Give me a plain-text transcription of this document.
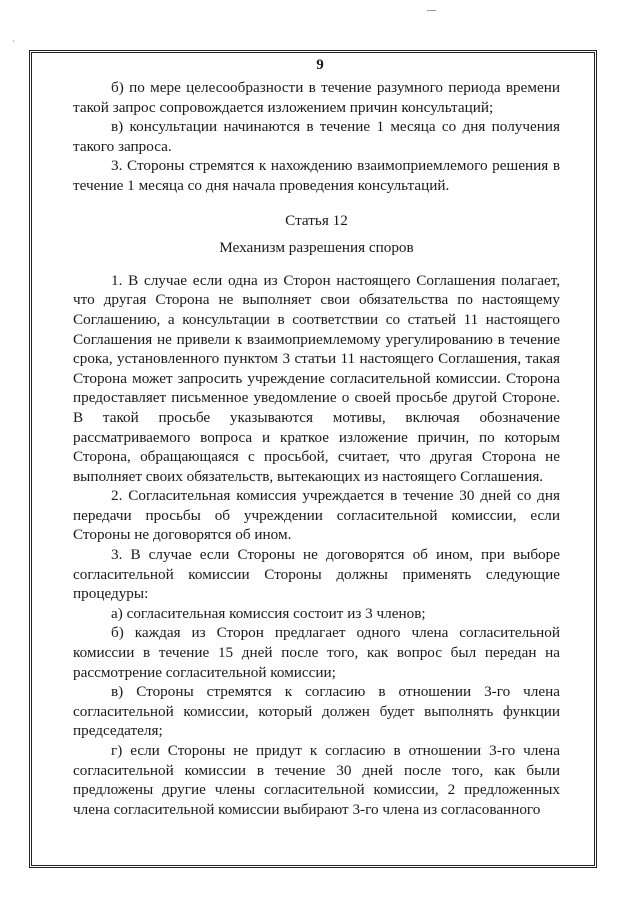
9

б) по мере целесообразности в течение разумного периода времени такой запрос сопровождается изложением причин консультаций;

в) консультации начинаются в течение 1 месяца со дня получения такого запроса.

3. Стороны стремятся к нахождению взаимоприемлемого решения в течение 1 месяца со дня начала проведения консультаций.

Статья 12

Механизм разрешения споров

1. В случае если одна из Сторон настоящего Соглашения полагает, что другая Сторона не выполняет свои обязательства по настоящему Соглашению, а консультации в соответствии со статьей 11 настоящего Соглашения не привели к взаимоприемлемому урегулированию в течение срока, установленного пунктом 3 статьи 11 настоящего Соглашения, такая Сторона может запросить учреждение согласительной комиссии. Сторона предоставляет письменное уведомление о своей просьбе другой Стороне. В такой просьбе указываются мотивы, включая обозначение рассматриваемого вопроса и краткое изложение причин, по которым Сторона, обращающаяся с просьбой, считает, что другая Сторона не выполняет своих обязательств, вытекающих из настоящего Соглашения.

2. Согласительная комиссия учреждается в течение 30 дней со дня передачи просьбы об учреждении согласительной комиссии, если Стороны не договорятся об ином.

3. В случае если Стороны не договорятся об ином, при выборе согласительной комиссии Стороны должны применять следующие процедуры:

а) согласительная комиссия состоит из 3 членов;

б) каждая из Сторон предлагает одного члена согласительной комиссии в течение 15 дней после того, как вопрос был передан на рассмотрение согласительной комиссии;

в) Стороны стремятся к согласию в отношении 3-го члена согласительной комиссии, который должен будет выполнять функции председателя;

г) если Стороны не придут к согласию в отношении 3-го члена согласительной комиссии в течение 30 дней после того, как были предложены другие члены согласительной комиссии, 2 предложенных члена согласительной комиссии выбирают 3-го члена из согласованного
